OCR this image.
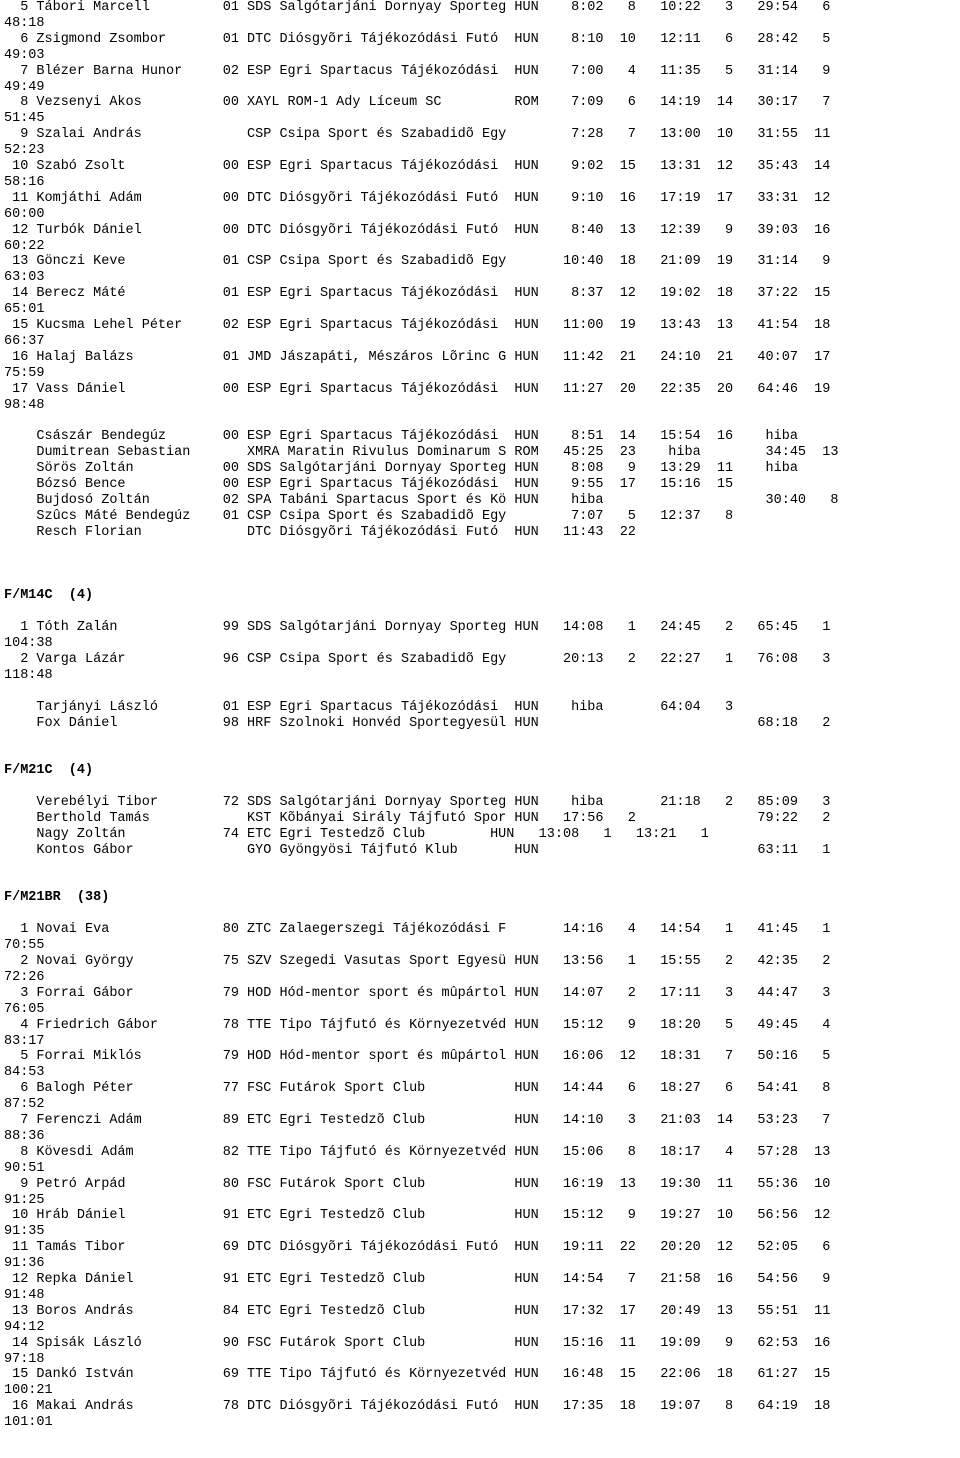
5 Tábori Marcell         01 SDS Salgótarjáni Dornyay Sporteg HUN    8:02   8   10:22   3   29:54   6
48:18
6 Zsigmond Zsombor       01 DTC Diósgyõri Tájékozódási Futó  HUN    8:10  10   12:11   6   28:42   5
49:03
7 Blézer Barna Hunor     02 ESP Egri Spartacus Tájékozódási  HUN    7:00   4   11:35   5   31:14   9
49:49
8 Vezsenyi Ákos          00 XAYL ROM-1 Ady Líceum SC         ROM    7:09   6   14:19  14   30:17   7
51:45
9 Szalai András             CSP Csipa Sport és Szabadidõ Egy        7:28   7   13:00  10   31:55  11
52:23
10 Szabó Zsolt            00 ESP Egri Spartacus Tájékozódási  HUN    9:02  15   13:31  12   35:43  14
58:16
11 Komjáthi Ádám          00 DTC Diósgyõri Tájékozódási Futó  HUN    9:10  16   17:19  17   33:31  12
60:00
12 Turbók Dániel          00 DTC Diósgyõri Tájékozódási Futó  HUN    8:40  13   12:39   9   39:03  16
60:22
13 Gönczi Keve            01 CSP Csipa Sport és Szabadidõ Egy       10:40  18   21:09  19   31:14   9
63:03
14 Berecz Máté            01 ESP Egri Spartacus Tájékozódási  HUN    8:37  12   19:02  18   37:22  15
65:01
15 Kucsma Lehel Péter     02 ESP Egri Spartacus Tájékozódási  HUN   11:00  19   13:43  13   41:54  18
66:37
16 Halaj Balázs           01 JMD Jászapáti, Mészáros Lõrinc G HUN   11:42  21   24:10  21   40:07  17
75:59
17 Vass Dániel            00 ESP Egri Spartacus Tájékozódási  HUN   11:27  20   22:35  20   64:46  19
98:48
Császár Bendegúz       00 ESP Egri Spartacus Tájékozódási  HUN    8:51  14   15:54  16    hiba
Dumitrean Sebastian       XMRA Maratin Rivulus Dominarum S ROM   45:25  23    hiba        34:45  13
Sörös Zoltán           00 SDS Salgótarjáni Dornyay Sporteg HUN    8:08   9   13:29  11    hiba
Bózsó Bence            00 ESP Egri Spartacus Tájékozódási  HUN    9:55  17   15:16  15
Bujdosó Zoltán         02 SPA Tabáni Spartacus Sport és Kö HUN    hiba                    30:40   8
Szûcs Máté Bendegúz    01 CSP Csipa Sport és Szabadidõ Egy        7:07   5   12:37   8
Resch Florian             DTC Diósgyõri Tájékozódási Futó  HUN   11:43  22
F/M14C  (4)
1 Tóth Zalán             99 SDS Salgótarjáni Dornyay Sporteg HUN   14:08   1   24:45   2   65:45   1
104:38
2 Varga Lázár            96 CSP Csipa Sport és Szabadidõ Egy       20:13   2   22:27   1   76:08   3
118:48
Tarjányi László        01 ESP Egri Spartacus Tájékozódási  HUN    hiba       64:04   3
Fox Dániel             98 HRF Szolnoki Honvéd Sportegyesül HUN                           68:18   2
F/M21C  (4)
Verebélyi Tibor        72 SDS Salgótarjáni Dornyay Sporteg HUN    hiba       21:18   2   85:09   3
Berthold Tamás            KST Kõbányai Sirály Tájfutó Spor HUN   17:56   2               79:22   2
Nagy Zoltán            74 ETC Egri Testedzõ Club        HUN   13:08   1   13:21   1
Kontos Gábor              GYO Gyöngyösi Tájfutó Klub       HUN                           63:11   1
F/M21BR  (38)
1 Novai Éva              80 ZTC Zalaegerszegi Tájékozódási F       14:16   4   14:54   1   41:45   1
70:55
2 Novai György           75 SZV Szegedi Vasutas Sport Egyesü HUN   13:56   1   15:55   2   42:35   2
72:26
3 Forrai Gábor           79 HOD Hód-mentor sport és mûpártol HUN   14:07   2   17:11   3   44:47   3
76:05
4 Friedrich Gábor        78 TTE Tipo Tájfutó és Környezetvéd HUN   15:12   9   18:20   5   49:45   4
83:17
5 Forrai Miklós          79 HOD Hód-mentor sport és mûpártol HUN   16:06  12   18:31   7   50:16   5
84:53
6 Balogh Péter           77 FSC Futárok Sport Club           HUN   14:44   6   18:27   6   54:41   8
87:52
7 Ferenczi Ádám          89 ETC Egri Testedzõ Club           HUN   14:10   3   21:03  14   53:23   7
88:36
8 Kövesdi Ádám           82 TTE Tipo Tájfutó és Környezetvéd HUN   15:06   8   18:17   4   57:28  13
90:51
9 Petró Árpád            80 FSC Futárok Sport Club           HUN   16:19  13   19:30  11   55:36  10
91:25
10 Hráb Dániel            91 ETC Egri Testedzõ Club           HUN   15:12   9   19:27  10   56:56  12
91:35
11 Tamás Tibor            69 DTC Diósgyõri Tájékozódási Futó  HUN   19:11  22   20:20  12   52:05   6
91:36
12 Repka Dániel           91 ETC Egri Testedzõ Club           HUN   14:54   7   21:58  16   54:56   9
91:48
13 Boros András           84 ETC Egri Testedzõ Club           HUN   17:32  17   20:49  13   55:51  11
94:12
14 Spisák László          90 FSC Futárok Sport Club           HUN   15:16  11   19:09   9   62:53  16
97:18
15 Dankó István           69 TTE Tipo Tájfutó és Környezetvéd HUN   16:48  15   22:06  18   61:27  15
100:21
16 Makai András           78 DTC Diósgyõri Tájékozódási Futó  HUN   17:35  18   19:07   8   64:19  18
101:01
